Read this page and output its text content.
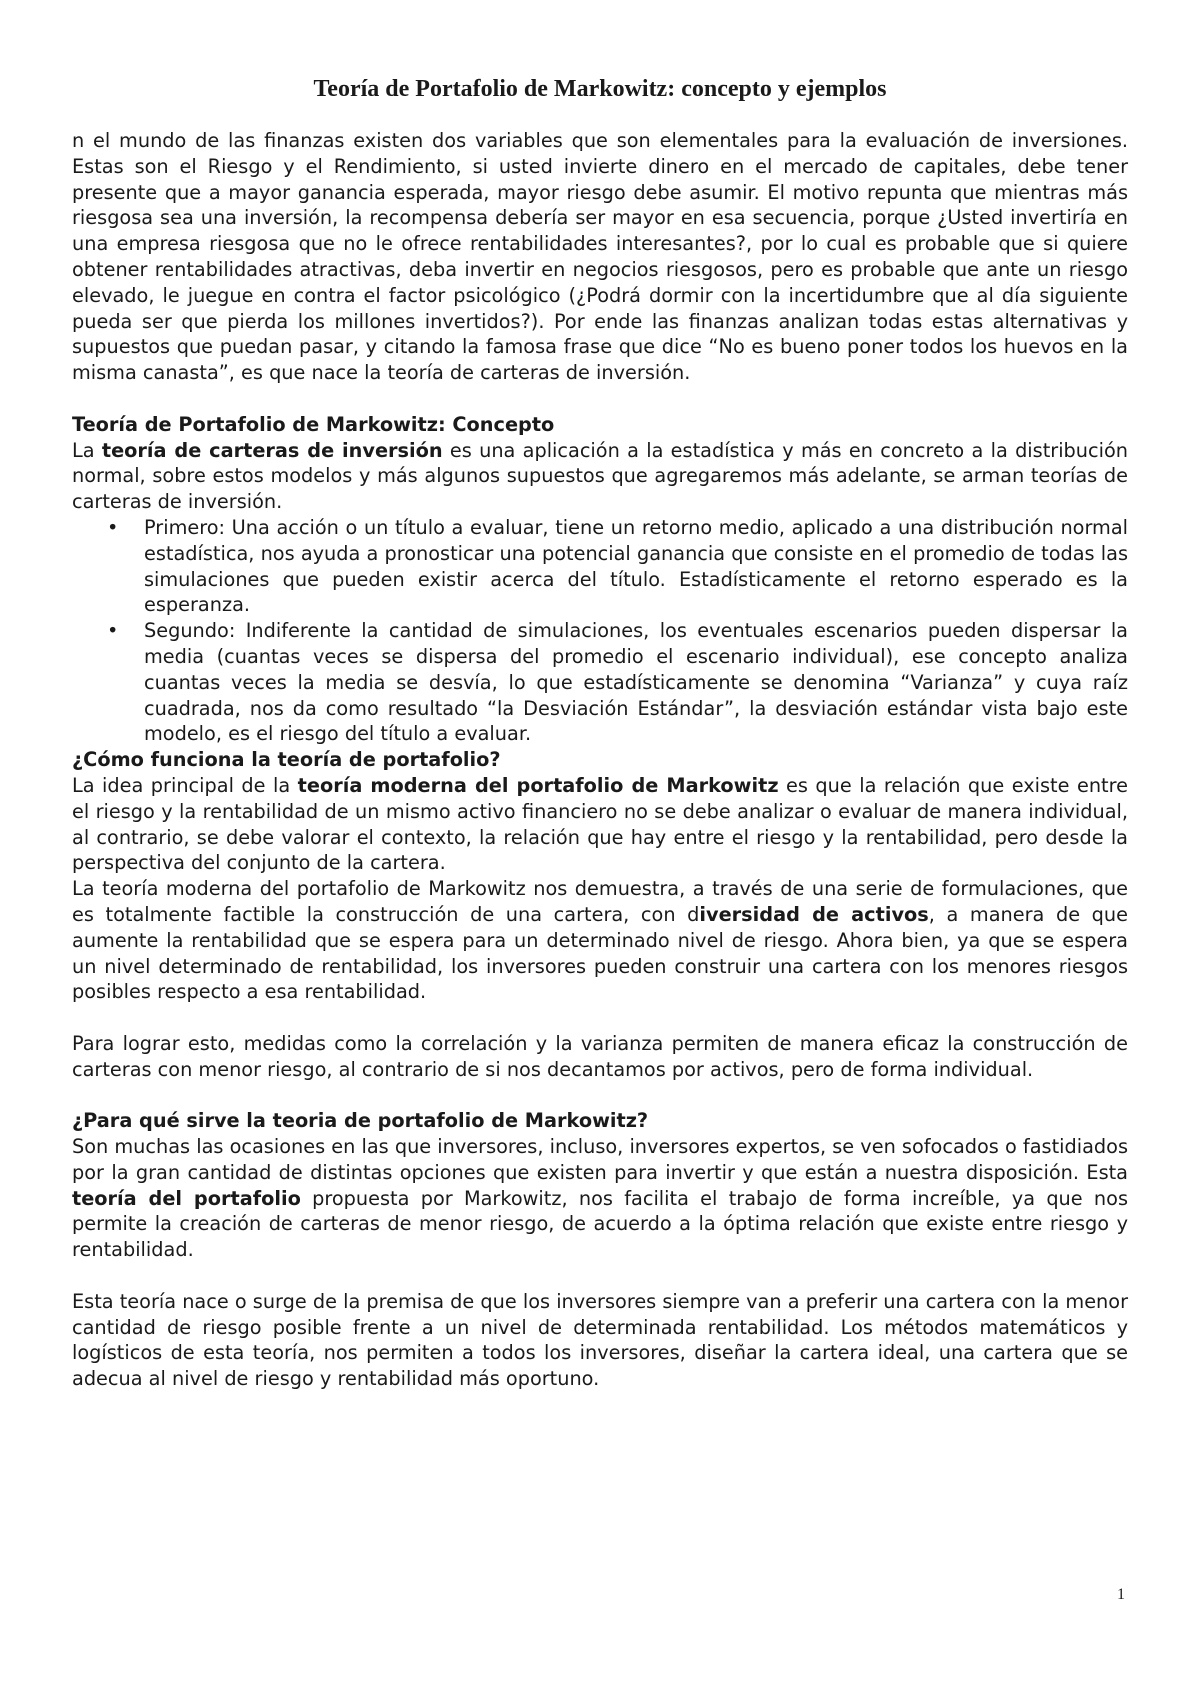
Teoría de Portafolio de Markowitz: concepto y ejemplos

n el mundo de las finanzas existen dos variables que son elementales para la evaluación de inversiones. Estas son el Riesgo y el Rendimiento, si usted invierte dinero en el mercado de capitales, debe tener presente que a mayor ganancia esperada, mayor riesgo debe asumir. El motivo repunta que mientras más riesgosa sea una inversión, la recompensa debería ser mayor en esa secuencia, porque ¿Usted invertiría en una empresa riesgosa que no le ofrece rentabilidades interesantes?, por lo cual es probable que si quiere obtener rentabilidades atractivas, deba invertir en negocios riesgosos, pero es probable que ante un riesgo elevado, le juegue en contra el factor psicológico (¿Podrá dormir con la incertidumbre que al día siguiente pueda ser que pierda los millones invertidos?). Por ende las finanzas analizan todas estas alternativas y supuestos que puedan pasar, y citando la famosa frase que dice “No es bueno poner todos los huevos en la misma canasta”, es que nace la teoría de carteras de inversión.

Teoría de Portafolio de Markowitz: Concepto

La teoría de carteras de inversión es una aplicación a la estadística y más en concreto a la distribución normal, sobre estos modelos y más algunos supuestos que agregaremos más adelante, se arman teorías de carteras de inversión.

• Primero: Una acción o un título a evaluar, tiene un retorno medio, aplicado a una distribución normal estadística, nos ayuda a pronosticar una potencial ganancia que consiste en el promedio de todas las simulaciones que pueden existir acerca del título. Estadísticamente el retorno esperado es la esperanza.
• Segundo: Indiferente la cantidad de simulaciones, los eventuales escenarios pueden dispersar la media (cuantas veces se dispersa del promedio el escenario individual), ese concepto analiza cuantas veces la media se desvía, lo que estadísticamente se denomina “Varianza” y cuya raíz cuadrada, nos da como resultado “la Desviación Estándar”, la desviación estándar vista bajo este modelo, es el riesgo del título a evaluar.

¿Cómo funciona la teoría de portafolio?

La idea principal de la teoría moderna del portafolio de Markowitz es que la relación que existe entre el riesgo y la rentabilidad de un mismo activo financiero no se debe analizar o evaluar de manera individual, al contrario, se debe valorar el contexto, la relación que hay entre el riesgo y la rentabilidad, pero desde la perspectiva del conjunto de la cartera.

La teoría moderna del portafolio de Markowitz nos demuestra, a través de una serie de formulaciones, que es totalmente factible la construcción de una cartera, con diversidad de activos, a manera de que aumente la rentabilidad que se espera para un determinado nivel de riesgo. Ahora bien, ya que se espera un nivel determinado de rentabilidad, los inversores pueden construir una cartera con los menores riesgos posibles respecto a esa rentabilidad.

Para lograr esto, medidas como la correlación y la varianza permiten de manera eficaz la construcción de carteras con menor riesgo, al contrario de si nos decantamos por activos, pero de forma individual.

¿Para qué sirve la teoria de portafolio de Markowitz?

Son muchas las ocasiones en las que inversores, incluso, inversores expertos, se ven sofocados o fastidiados por la gran cantidad de distintas opciones que existen para invertir y que están a nuestra disposición. Esta teoría del portafolio propuesta por Markowitz, nos facilita el trabajo de forma increíble, ya que nos permite la creación de carteras de menor riesgo, de acuerdo a la óptima relación que existe entre riesgo y rentabilidad.

Esta teoría nace o surge de la premisa de que los inversores siempre van a preferir una cartera con la menor cantidad de riesgo posible frente a un nivel de determinada rentabilidad. Los métodos matemáticos y logísticos de esta teoría, nos permiten a todos los inversores, diseñar la cartera ideal, una cartera que se adecua al nivel de riesgo y rentabilidad más oportuno.

1
